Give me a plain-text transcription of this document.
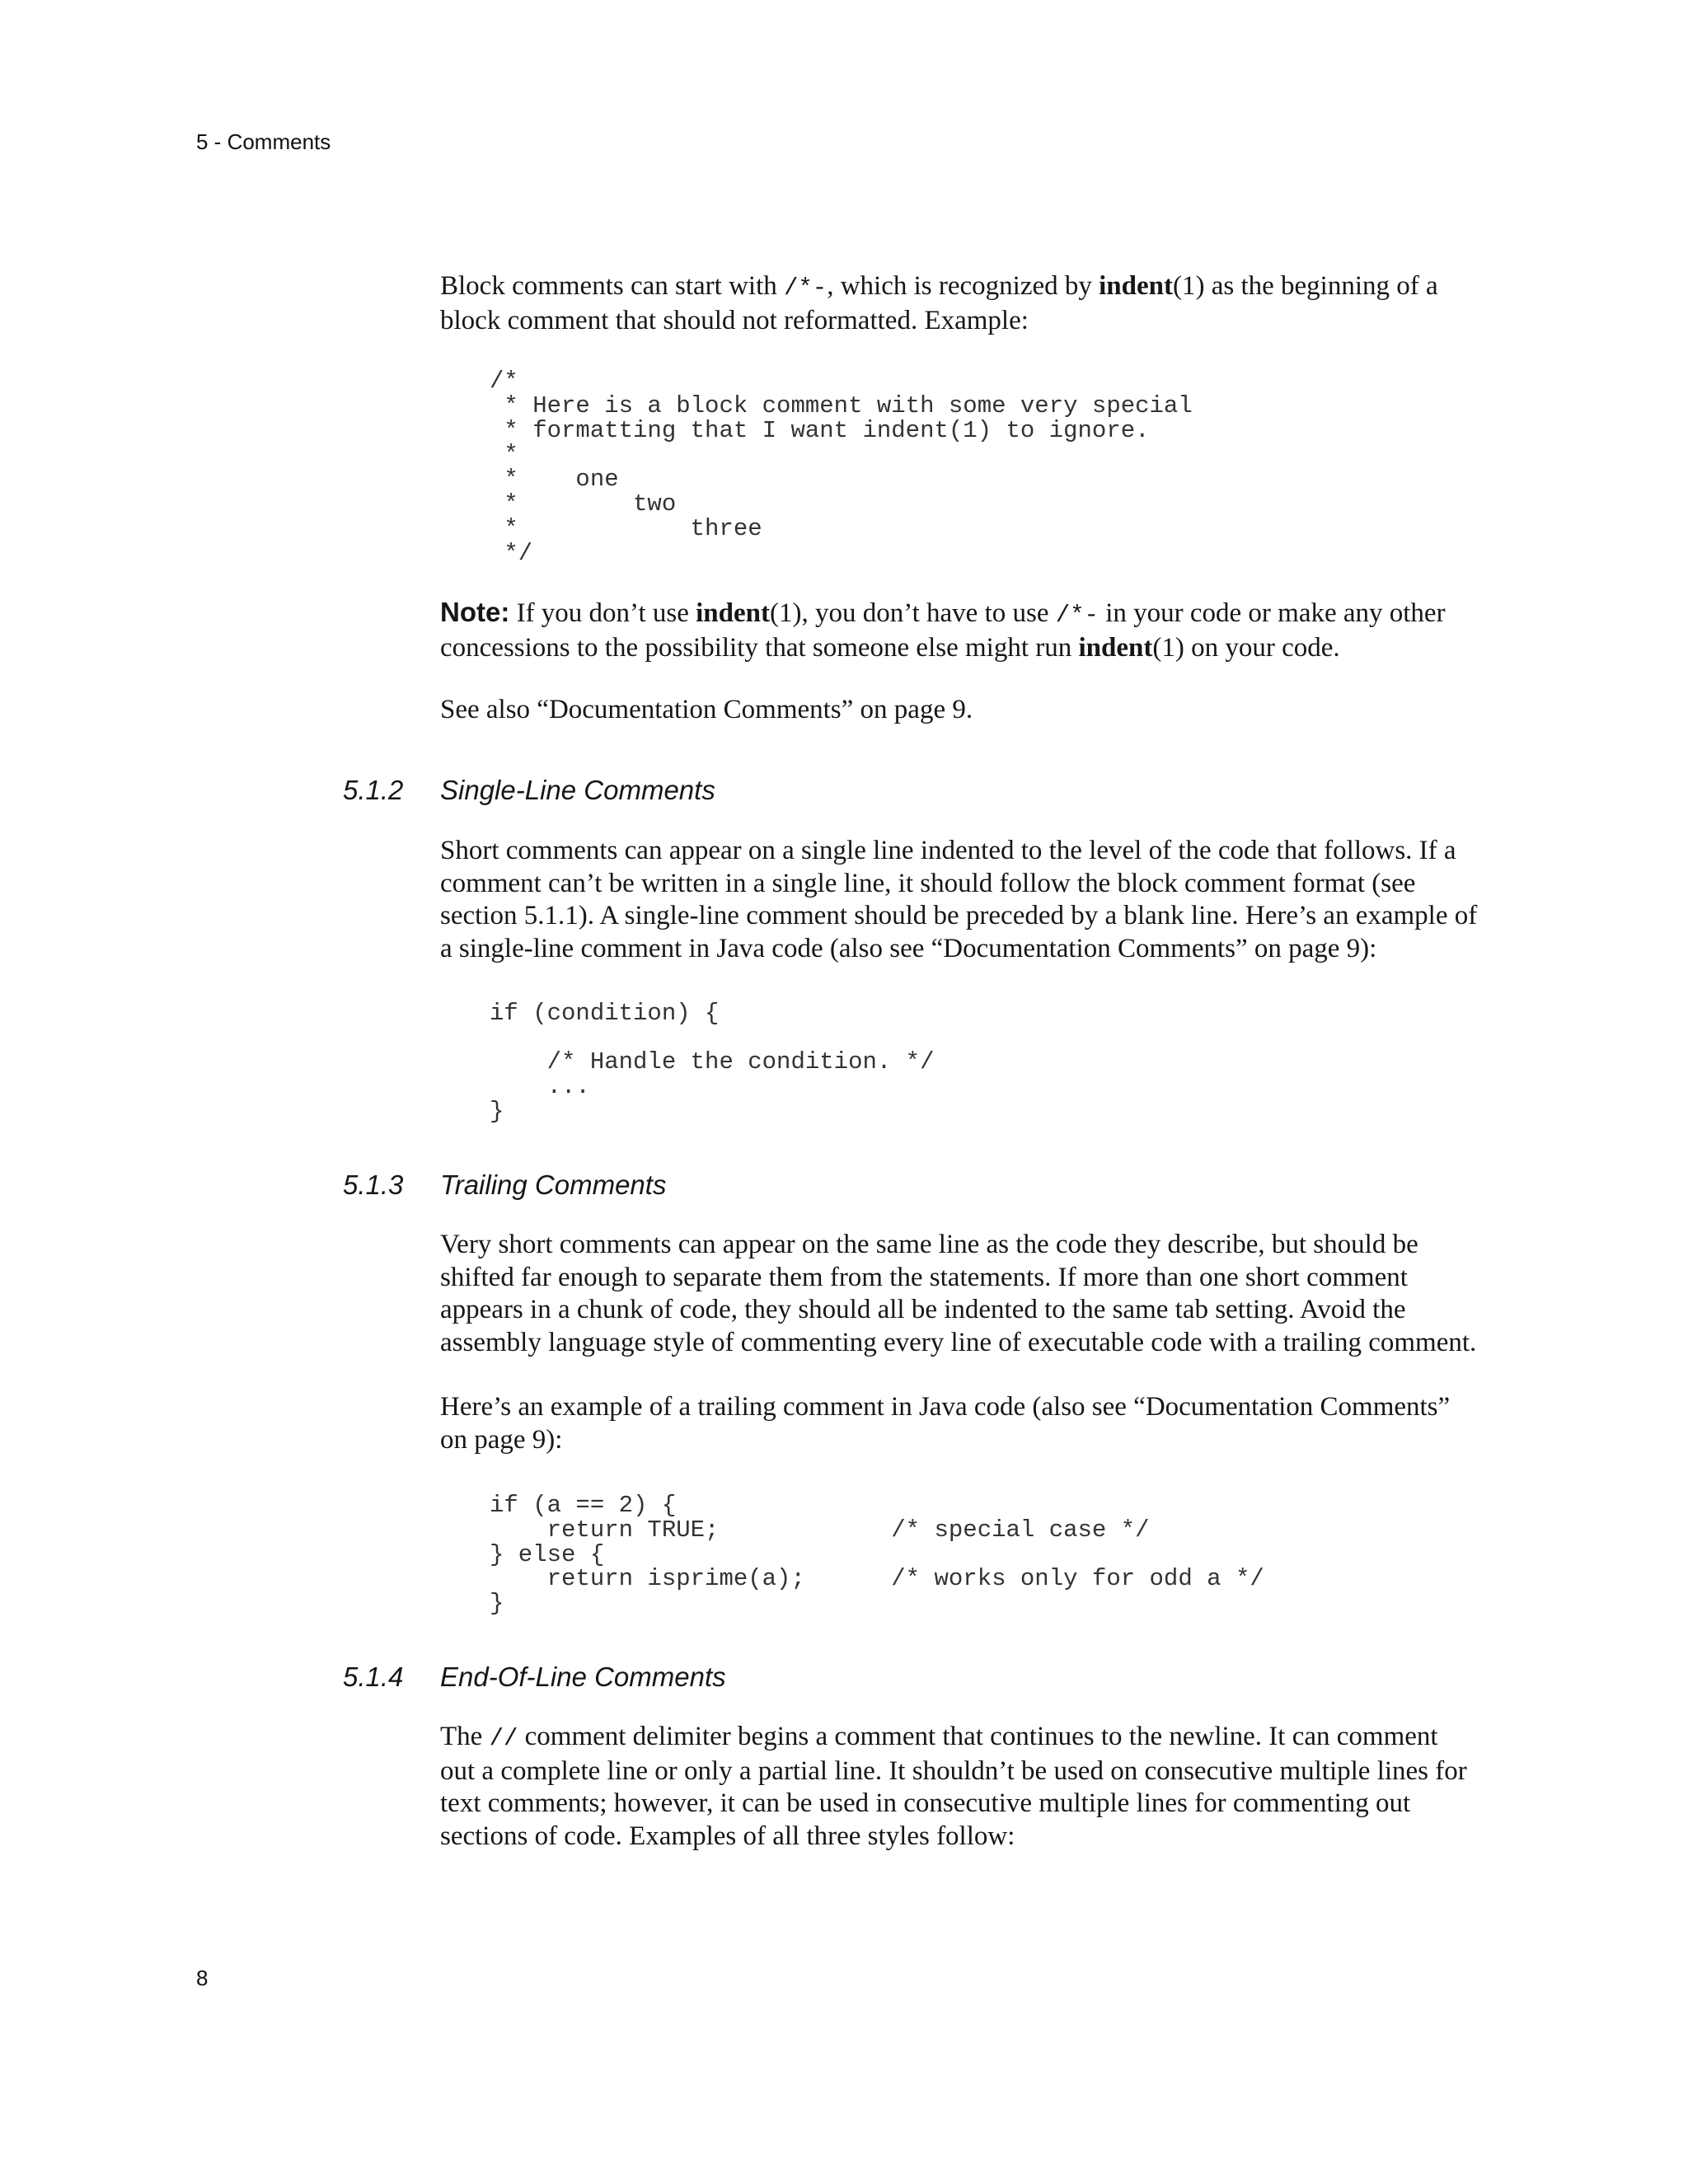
5 - Comments

Block comments can start with /*-, which is recognized by indent(1) as the beginning of a block comment that should not reformatted. Example:

/*
* Here is a block comment with some very special
* formatting that I want indent(1) to ignore.
*
*    one
*        two
*            three
*/

Note: If you don’t use indent(1), you don’t have to use /*- in your code or make any other concessions to the possibility that someone else might run indent(1) on your code.

See also “Documentation Comments” on page 9.

5.1.2 Single-Line Comments

Short comments can appear on a single line indented to the level of the code that follows. If a comment can’t be written in a single line, it should follow the block comment format (see section 5.1.1). A single-line comment should be preceded by a blank line. Here’s an example of a single-line comment in Java code (also see “Documentation Comments” on page 9):

if (condition) {
/* Handle the condition. */
...
}
5.1.3 Trailing Comments

Very short comments can appear on the same line as the code they describe, but should be shifted far enough to separate them from the statements. If more than one short comment appears in a chunk of code, they should all be indented to the same tab setting. Avoid the assembly language style of commenting every line of executable code with a trailing comment.

Here’s an example of a trailing comment in Java code (also see “Documentation Comments” on page 9):

if (a == 2) {
return TRUE;            /* special case */
} else {
return isprime(a);      /* works only for odd a */
}
5.1.4 End-Of-Line Comments

The // comment delimiter begins a comment that continues to the newline. It can comment out a complete line or only a partial line. It shouldn’t be used on consecutive multiple lines for text comments; however, it can be used in consecutive multiple lines for commenting out sections of code. Examples of all three styles follow:

8
